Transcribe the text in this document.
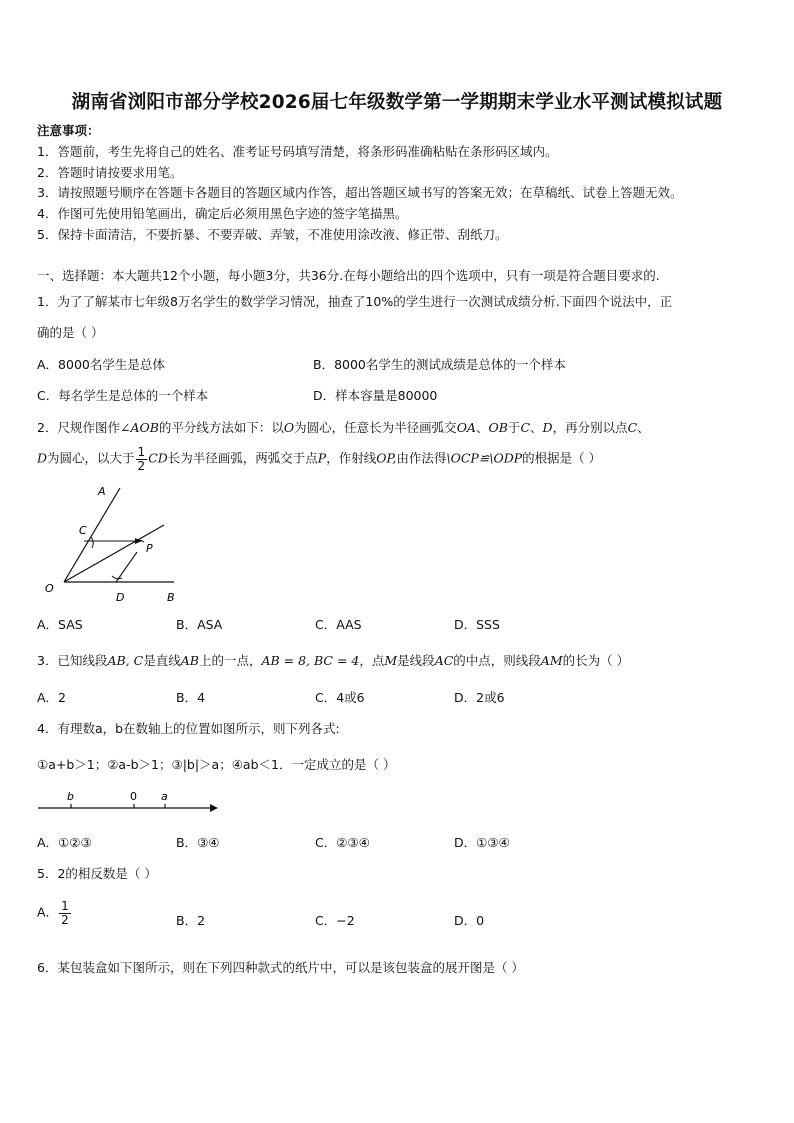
湖南省浏阳市部分学校2026届七年级数学第一学期期末学业水平测试模拟试题
注意事项：
1．答题前，考生先将自己的姓名、准考证号码填写清楚，将条形码准确粘贴在条形码区域内。
2．答题时请按要求用笔。
3．请按照题号顺序在答题卡各题目的答题区域内作答，超出答题区域书写的答案无效；在草稿纸、试卷上答题无效。
4．作图可先使用铅笔画出，确定后必须用黑色字迹的签字笔描黑。
5．保持卡面清洁，不要折暴、不要弄破、弄皱，不准使用涂改液、修正带、刮纸刀。
一、选择题：本大题共12个小题，每小题3分，共36分.在每小题给出的四个选项中，只有一项是符合题目要求的.
1．为了了解某市七年级8万名学生的数学学习情况，抽查了10%的学生进行一次测试成绩分析.下面四个说法中，正
确的是（ ）
A．8000名学生是总体	B．8000名学生的测试成绩是总体的一个样本
C．每名学生是总体的一个样本	D．样本容量是80000
2．尺规作图作∠AOB的平分线方法如下：以O为圆心，任意长为半径画弧交OA、OB于C、D，再分别以点C、
D为圆心，以大于 $\frac{1}{2}$ CD长为半径画弧，两弧交于点P，作射线OP,由作法得\OCP≌\ODP的根据是（ ）
A
C
P
O
D	B
A．SAS	B．ASA	C．AAS	D．SSS
3．已知线段AB, C是直线AB上的一点，AB = 8, BC = 4，点M是线段AC的中点，则线段AM的长为（ ）
A．2	B．4	C．4或6	D．2或6
4．有理数a，b在数轴上的位置如图所示，则下列各式:
①a+b＞1；②a-b＞1；③|b|＞a；④ab＜1．一定成立的是（ ）
b	0 a
A．①②③	B．③④	C．②③④	D．①③④
5．2的相反数是（ ）
A． $\frac{1}{2}$	B．2	C．−2	D．0
6．某包装盒如下图所示，则在下列四种款式的纸片中，可以是该包装盒的展开图是（ ）
